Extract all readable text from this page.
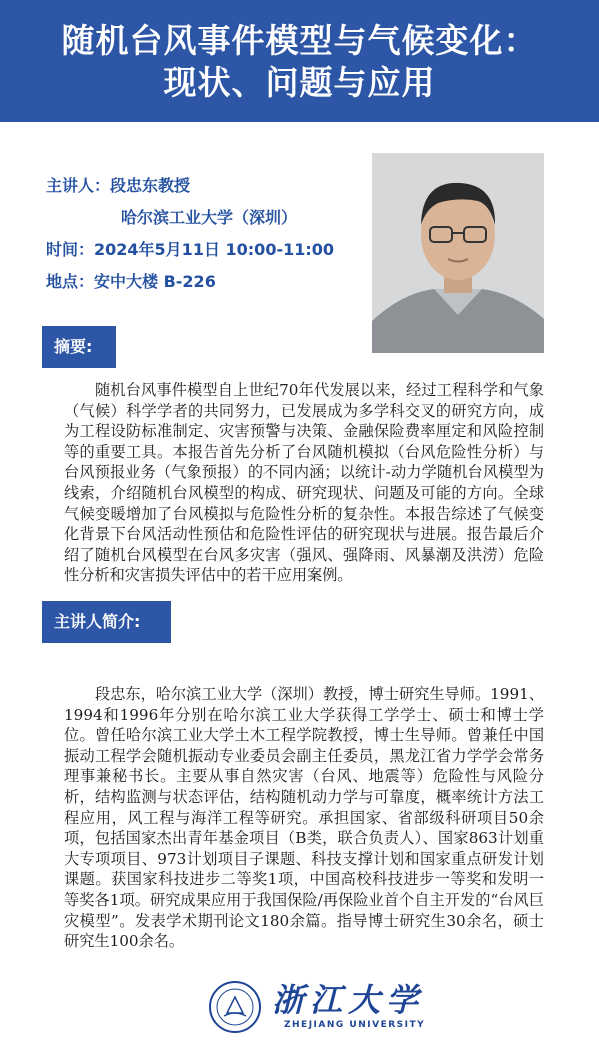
随机台风事件模型与气候变化：
现状、问题与应用
主讲人：段忠东教授
哈尔滨工业大学（深圳）
时间：2024年5月11日 10:00-11:00
地点：安中大楼 B-226
摘要:
随机台风事件模型自上世纪70年代发展以来，经过工程科学和气象（气候）科学学者的共同努力，已发展成为多学科交叉的研究方向，成为工程设防标准制定、灾害预警与决策、金融保险费率厘定和风险控制等的重要工具。本报告首先分析了台风随机模拟（台风危险性分析）与台风预报业务（气象预报）的不同内涵；以统计-动力学随机台风模型为线索，介绍随机台风模型的构成、研究现状、问题及可能的方向。全球气候变暖增加了台风模拟与危险性分析的复杂性。本报告综述了气候变化背景下台风活动性预估和危险性评估的研究现状与进展。报告最后介绍了随机台风模型在台风多灾害（强风、强降雨、风暴潮及洪涝）危险性分析和灾害损失评估中的若干应用案例。
主讲人简介:
段忠东，哈尔滨工业大学（深圳）教授，博士研究生导师。1991、1994和1996年分别在哈尔滨工业大学获得工学学士、硕士和博士学位。曾任哈尔滨工业大学土木工程学院教授，博士生导师。曾兼任中国振动工程学会随机振动专业委员会副主任委员，黑龙江省力学学会常务理事兼秘书长。主要从事自然灾害（台风、地震等）危险性与风险分析，结构监测与状态评估，结构随机动力学与可靠度，概率统计方法工程应用，风工程与海洋工程等研究。承担国家、省部级科研项目50余项，包括国家杰出青年基金项目（B类，联合负责人）、国家863计划重大专项项目、973计划项目子课题、科技支撑计划和国家重点研发计划课题。获国家科技进步二等奖1项，中国高校科技进步一等奖和发明一等奖各1项。研究成果应用于我国保险/再保险业首个自主开发的“台风巨灾模型”。发表学术期刊论文180余篇。指导博士研究生30余名，硕士研究生100余名。
浙江大学
ZHEJIANG UNIVERSITY
